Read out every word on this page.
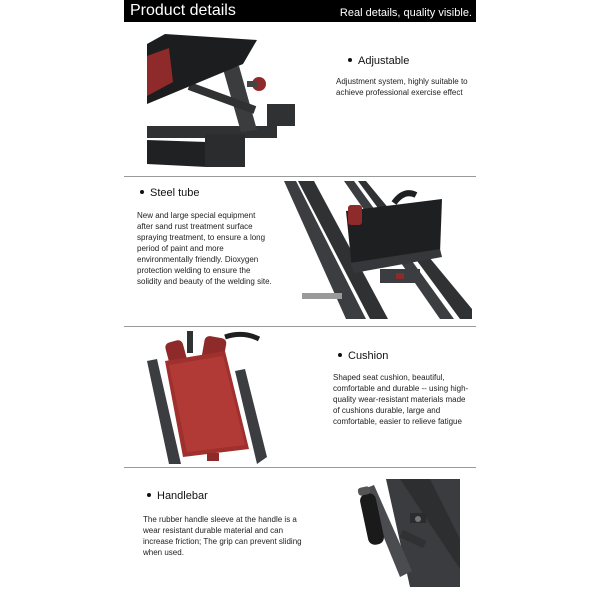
Product details	Real details, quality visible.
Adjustable
Adjustment system, highly suitable to achieve professional exercise effect
Steel tube
New and large special equipment after sand rust treatment surface spraying treatment, to ensure a long period of paint and more environmentally friendly. Dioxygen protection welding to ensure the solidity and beauty of the welding site.
Cushion
Shaped seat cushion, beautiful, comfortable and durable -- using high-quality wear-resistant materials made of cushions durable, large and comfortable, easier to relieve fatigue
Handlebar
The rubber handle sleeve at the handle is a wear resistant durable material and can increase friction; The grip can prevent sliding when used.
